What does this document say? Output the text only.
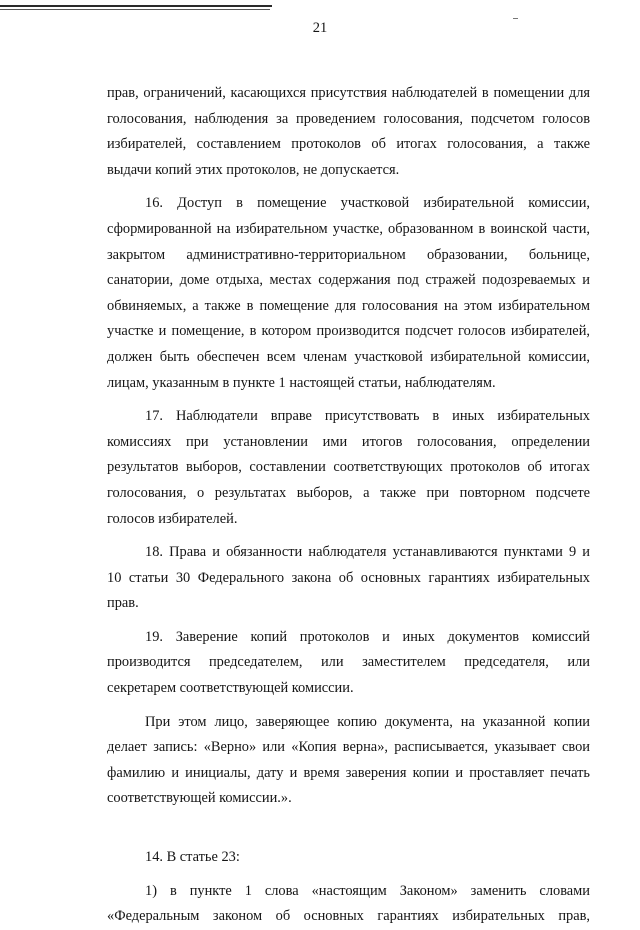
21
прав, ограничений, касающихся присутствия наблюдателей в помещении для
голосования, наблюдения за проведением голосования, подсчетом голосов
избирателей, составлением протоколов об итогах голосования, а также
выдачи копий этих протоколов, не допускается.
16. Доступ в помещение участковой избирательной комиссии,
сформированной на избирательном участке, образованном в воинской части,
закрытом административно-территориальном образовании, больнице,
санатории, доме отдыха, местах содержания под стражей подозреваемых и
обвиняемых, а также в помещение для голосования на этом избирательном
участке и помещение, в котором производится подсчет голосов избирателей,
должен быть обеспечен всем членам участковой избирательной комиссии,
лицам, указанным в пункте 1 настоящей статьи, наблюдателям.
17. Наблюдатели вправе присутствовать в иных избирательных
комиссиях при установлении ими итогов голосования, определении
результатов выборов, составлении соответствующих протоколов об итогах
голосования, о результатах выборов, а также при повторном подсчете
голосов избирателей.
18. Права и обязанности наблюдателя устанавливаются пунктами 9 и
10 статьи 30 Федерального закона об основных гарантиях избирательных
прав.
19. Заверение копий протоколов и иных документов комиссий
производится председателем, или заместителем председателя, или
секретарем соответствующей комиссии.
При этом лицо, заверяющее копию документа, на указанной копии
делает запись: «Верно» или «Копия верна», расписывается, указывает свои
фамилию и инициалы, дату и время заверения копии и проставляет печать
соответствующей комиссии.».
14. В статье 23:
1) в пункте 1 слова «настоящим Законом» заменить словами
«Федеральным законом об основных гарантиях избирательных прав,
